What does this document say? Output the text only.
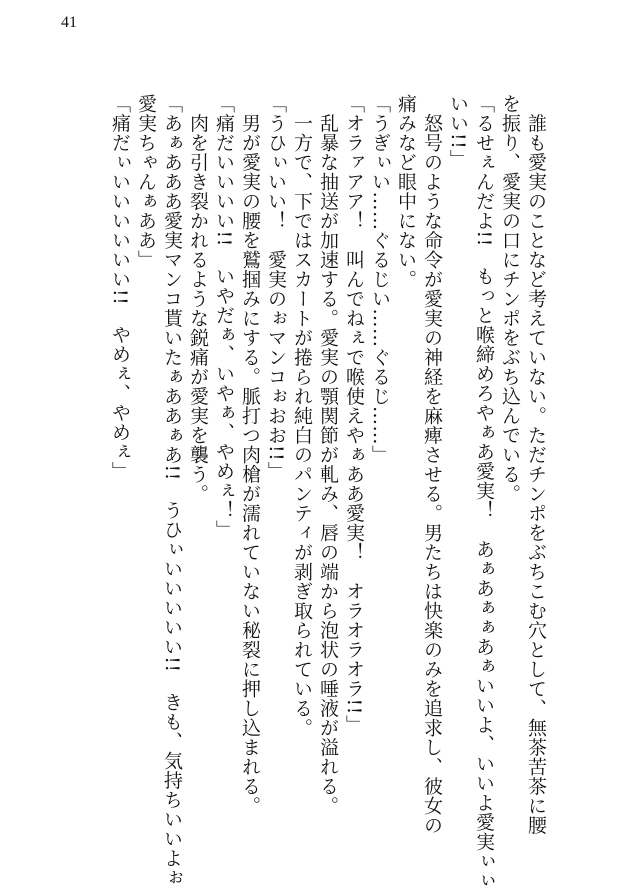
41
　誰も愛実のことなど考えていない。ただチンポをぶちこむ穴として、無茶苦茶に腰
を振り、愛実の口にチンポをぶち込んでいる。
「るせぇんだよ!!　もっと喉締めろやぁあ愛実！　あぁあぁぁあぁいいよ、いいよ愛実ぃぃ
いい!!」
　怒号のような命令が愛実の神経を麻痺させる。男たちは快楽のみを追求し、彼女の
痛みなど眼中にない。
「うぎぃい……ぐるじい……ぐるじ……」
「オラァアア！　叫んでねぇで喉使えやぁああ愛実！　オラオラオラ!!」
　乱暴な抽送が加速する。愛実の顎関節が軋み、唇の端から泡状の唾液が溢れる。
　一方で、下ではスカートが捲られ純白のパンティが剥ぎ取られている。
「うひぃいい！　愛実のぉマンコぉおお!!」
　男が愛実の腰を鷲掴みにする。脈打つ肉槍が濡れていない秘裂に押し込まれる。
「痛だいいいい!!　いやだぁ、いやぁ、やめぇ！」
　肉を引き裂かれるような鋭痛が愛実を襲う。
「あぁあああ愛実マンコ貰いたぁああぁあ!!　うひぃいいいいい!!　きも、気持ちいいよぉ
愛実ちゃんぁああ」
「痛だぃいいいいいい!!　やめぇ、やめぇ」
